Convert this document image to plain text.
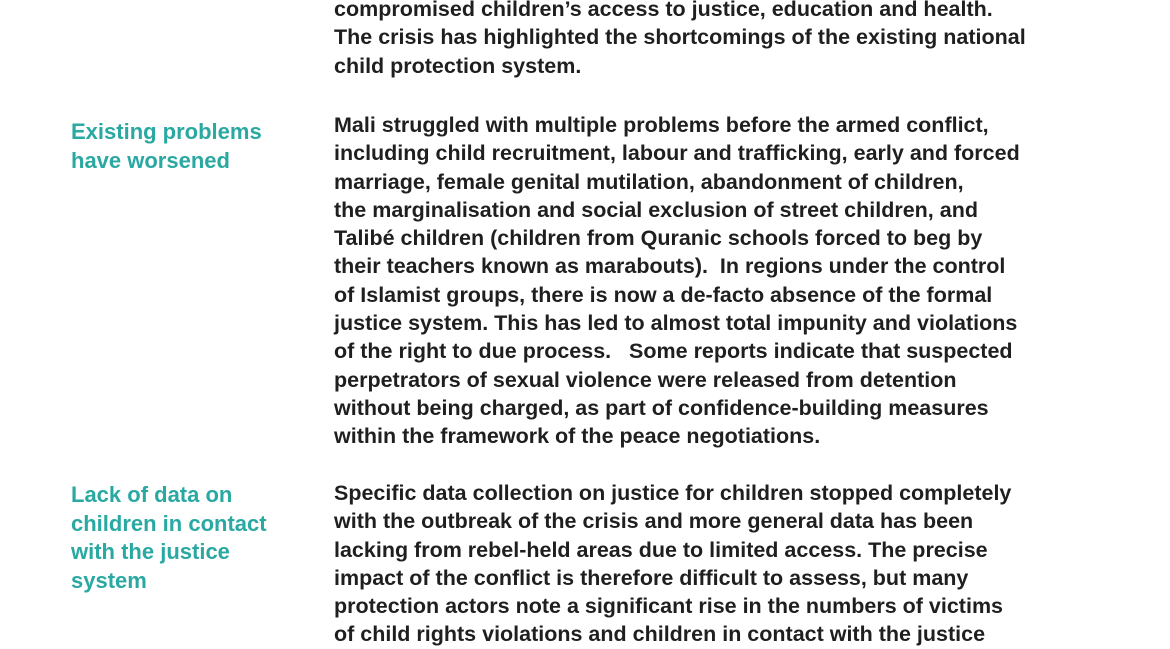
compromised children’s access to justice, education and health.
The crisis has highlighted the shortcomings of the existing national
child protection system.
Existing problems
have worsened
Mali struggled with multiple problems before the armed conflict,
including child recruitment, labour and trafficking, early and forced
marriage, female genital mutilation, abandonment of children,
the marginalisation and social exclusion of street children, and
Talibé children (children from Quranic schools forced to beg by
their teachers known as marabouts).  In regions under the control
of Islamist groups, there is now a de-facto absence of the formal
justice system. This has led to almost total impunity and violations
of the right to due process.   Some reports indicate that suspected
perpetrators of sexual violence were released from detention
without being charged, as part of confidence-building measures
within the framework of the peace negotiations.
Lack of data on
children in contact
with the justice
system
Specific data collection on justice for children stopped completely
with the outbreak of the crisis and more general data has been
lacking from rebel-held areas due to limited access. The precise
impact of the conflict is therefore difficult to assess, but many
protection actors note a significant rise in the numbers of victims
of child rights violations and children in contact with the justice
